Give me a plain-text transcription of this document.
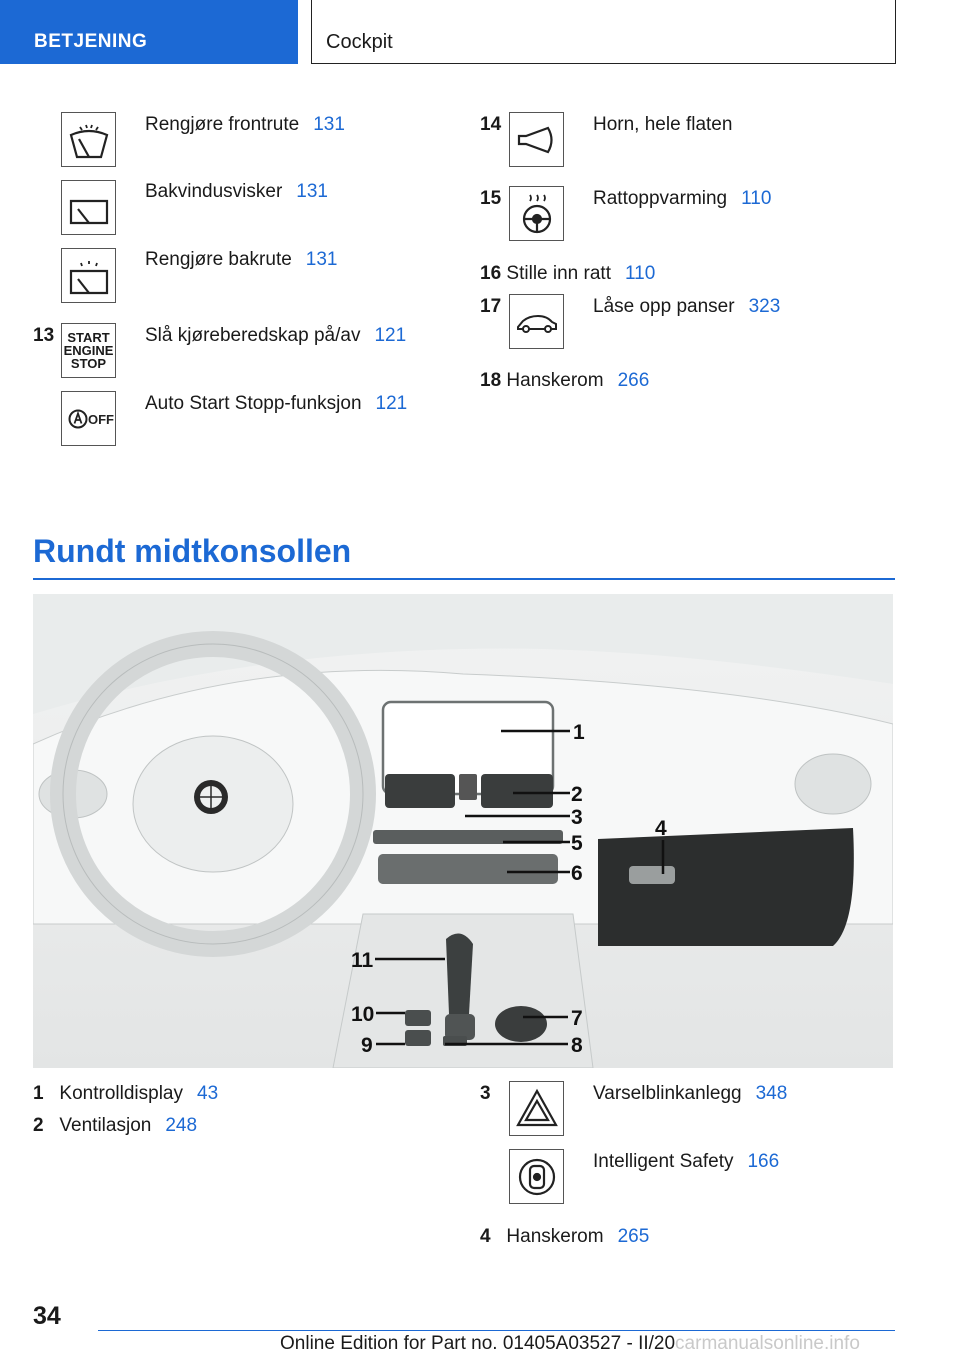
BETJENING	Cockpit
Rengjøre frontrute 131
Bakvindusvisker 131
Rengjøre bakrute 131
13 START
ENGINE
STOP
Slå kjøreberedskap på/av 121
OFF
Auto Start Stopp-funksjon 121
14	Horn, hele flaten
15	Rattoppvarming 110
16 Stille inn ratt 110
17	Låse opp panser 323
18 Hanskerom 266
Rundt midtkonsollen
1
2
3	4
5
6
7
8
9
10
11
1 Kontrolldisplay 43
2 Ventilasjon 248
3	Varselblinkanlegg 348
Intelligent Safety 166
4 Hanskerom 265
34
Online Edition for Part no. 01405A03527 - II/20carmanualsonline.info
